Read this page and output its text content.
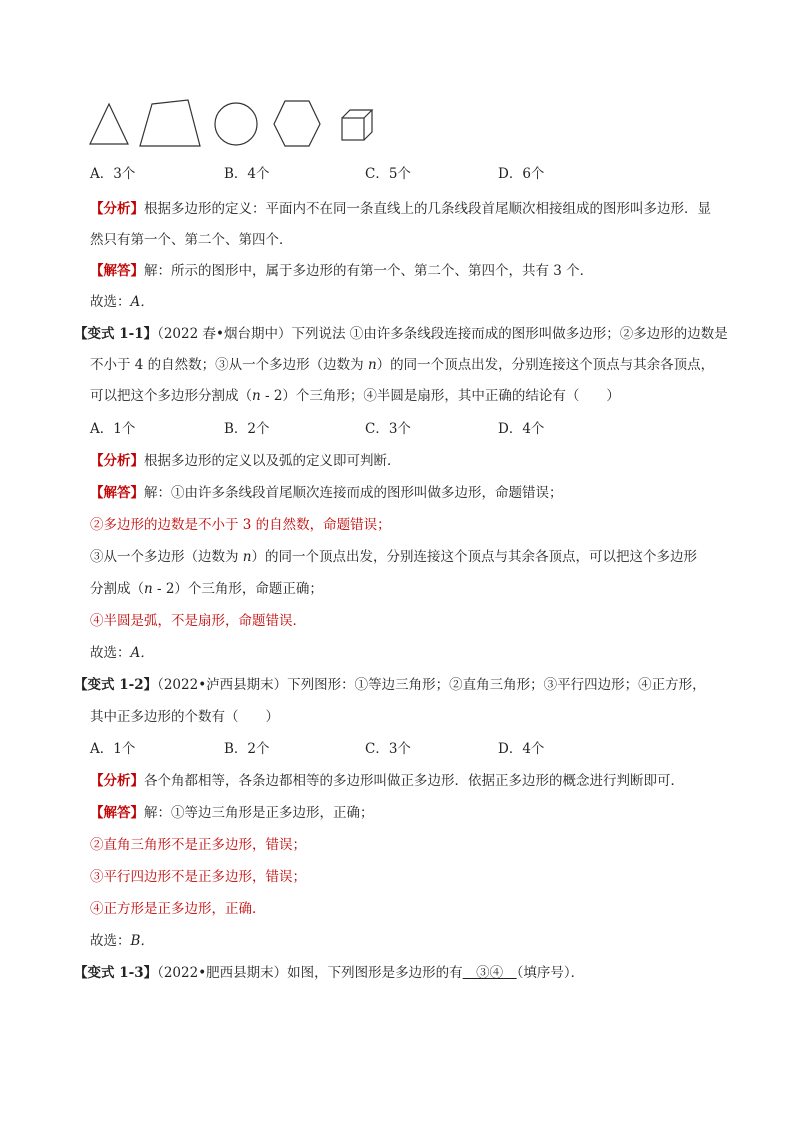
A．3个	B．4个	C．5个	D．6个
【分析】根据多边形的定义：平面内不在同一条直线上的几条线段首尾顺次相接组成的图形叫多边形．显
然只有第一个、第二个、第四个．
【解答】解：所示的图形中，属于多边形的有第一个、第二个、第四个，共有 3 个．
故选：A．
【变式 1-1】（2022 春•烟台期中）下列说法 ①由许多条线段连接而成的图形叫做多边形；②多边形的边数是
不小于 4 的自然数；③从一个多边形（边数为 n）的同一个顶点出发，分别连接这个顶点与其余各顶点，
可以把这个多边形分割成（n - 2）个三角形；④半圆是扇形，其中正确的结论有（　　）
A．1个	B．2个	C．3个	D．4个
【分析】根据多边形的定义以及弧的定义即可判断．
【解答】解：①由许多条线段首尾顺次连接而成的图形叫做多边形，命题错误；
②多边形的边数是不小于 3 的自然数，命题错误；
③从一个多边形（边数为 n）的同一个顶点出发，分别连接这个顶点与其余各顶点，可以把这个多边形
分割成（n - 2）个三角形，命题正确；
④半圆是弧，不是扇形，命题错误．
故选：A．
【变式 1-2】（2022•泸西县期末）下列图形：①等边三角形；②直角三角形；③平行四边形；④正方形，
其中正多边形的个数有（　　）
A．1个	B．2个	C．3个	D．4个
【分析】各个角都相等，各条边都相等的多边形叫做正多边形．依据正多边形的概念进行判断即可．
【解答】解：①等边三角形是正多边形，正确；
②直角三角形不是正多边形，错误；
③平行四边形不是正多边形，错误；
④正方形是正多边形，正确．
故选：B．
【变式 1-3】（2022•肥西县期末）如图，下列图形是多边形的有　③④　（填序号）．
